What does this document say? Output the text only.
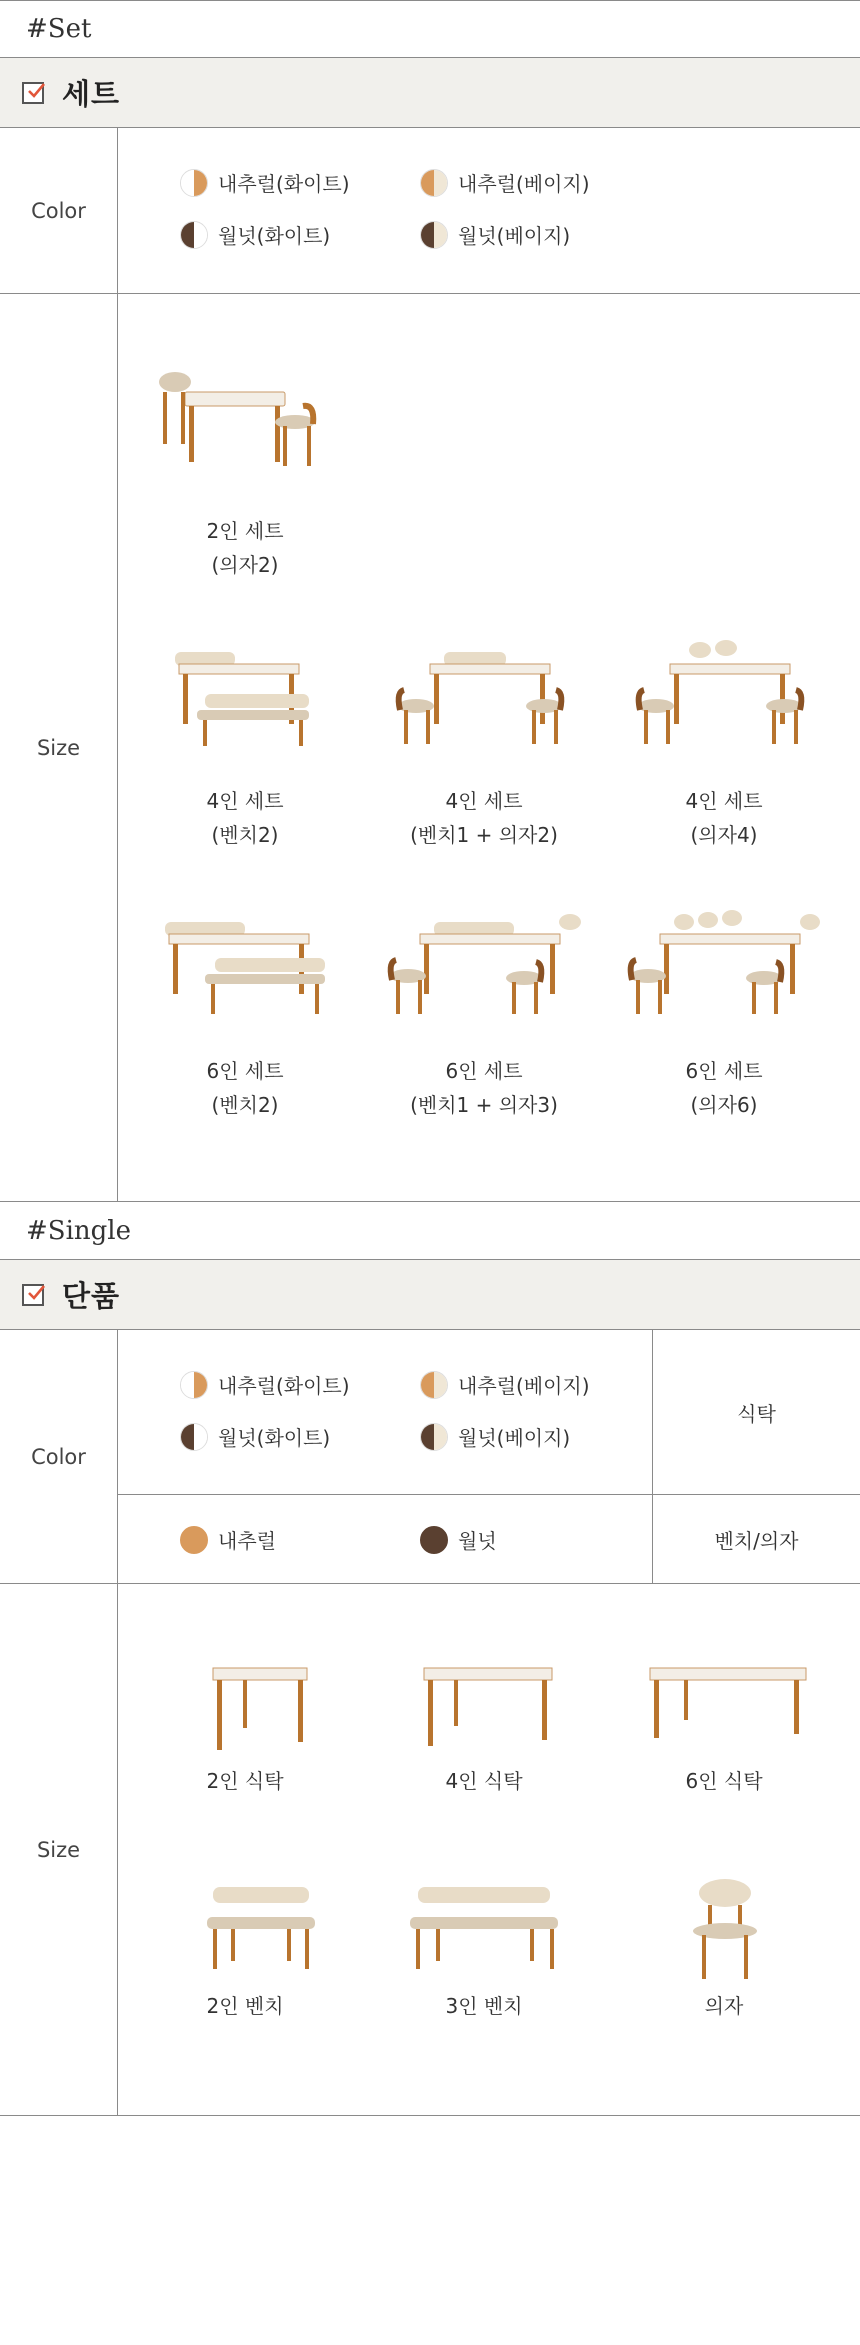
#Set
세트
Color
내추럴(화이트)	내추럴(베이지)
월넛(화이트)	월넛(베이지)
Size
2인 세트
(의자2)
4인 세트
(벤치2)
4인 세트
(벤치1 + 의자2)
4인 세트
(의자4)
6인 세트
(벤치2)
6인 세트
(벤치1 + 의자3)
6인 세트
(의자6)
#Single
단품
Color
내추럴(화이트)	내추럴(베이지)
월넛(화이트)	월넛(베이지)
식탁
내추럴	월넛	벤치/의자
Size
2인 식탁	4인 식탁	6인 식탁
2인 벤치	3인 벤치	의자
